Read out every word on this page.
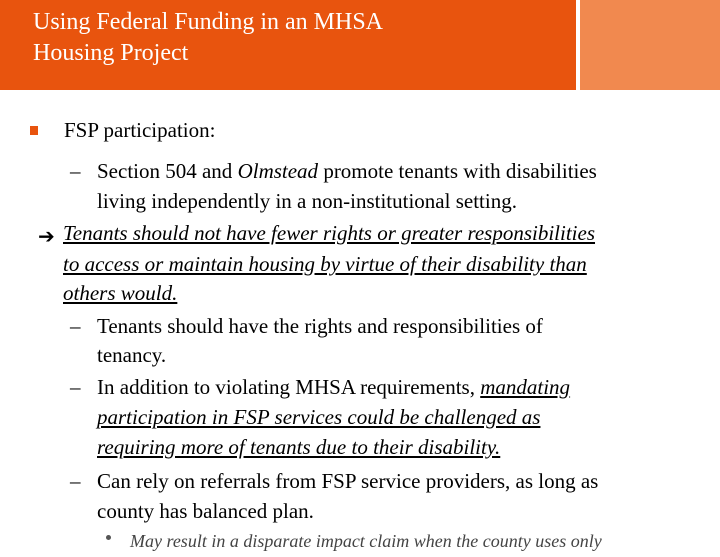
Using Federal Funding in an MHSA
Housing Project
FSP participation:
– Section 504 and Olmstead promote tenants with disabilities
living independently in a non-institutional setting.
➔ Tenants should not have fewer rights or greater responsibilities
to access or maintain housing by virtue of their disability than
others would.
– Tenants should have the rights and responsibilities of
tenancy.
– In addition to violating MHSA requirements, mandating
participation in FSP services could be challenged as
requiring more of tenants due to their disability.
– Can rely on referrals from FSP service providers, as long as
county has balanced plan.
May result in a disparate impact claim when the county uses only
